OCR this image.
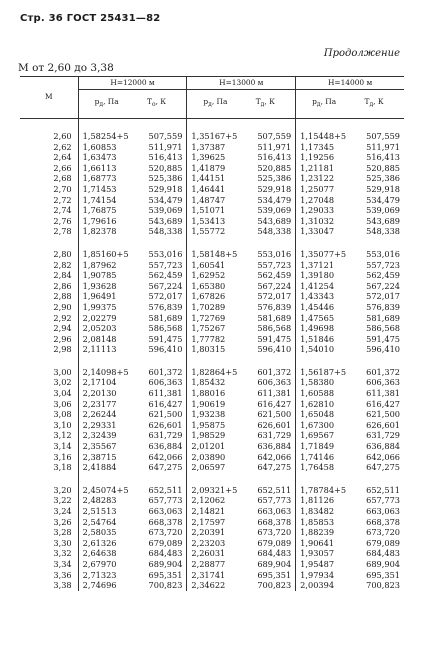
Стр. 36 ГОСТ 25431—82
Продолжение
М от 2,60 до 3,38
М	H=12000 м		H=13000 м		H=14000 м	
	$p_д$, Па	$T_о$, К	$p_д$, Па	$T_д$, К	$p_д$, Па	$T_д$, К

2,60	1,58254+5	507,559	1,35167+5	507,559	1,15448+5	507,559
2,62	1,60853	511,971	1,37387	511,971	1,17345	511,971
2,64	1,63473	516,413	1,39625	516,413	1,19256	516,413
2,66	1,66113	520,885	1,41879	520,885	1,21181	520,885
2,68	1,68773	525,386	1,44151	525,386	1,23122	525,386
2,70	1,71453	529,918	1,46441	529,918	1,25077	529,918
2,72	1,74154	534,479	1,48747	534,479	1,27048	534,479
2,74	1,76875	539,069	1,51071	539,069	1,29033	539,069
2,76	1,79616	543,689	1,53413	543,689	1,31032	543,689
2,78	1,82378	548,338	1,55772	548,338	1,33047	548,338

2,80	1,85160+5	553,016	1,58148+5	553,016	1,35077+5	553,016
2,82	1,87962	557,723	1,60541	557,723	1,37121	557,723
2,84	1,90785	562,459	1,62952	562,459	1,39180	562,459
2,86	1,93628	567,224	1,65380	567,224	1,41254	567,224
2,88	1,96491	572,017	1,67826	572,017	1,43343	572,017
2,90	1,99375	576,839	1,70289	576,839	1,45446	576,839
2,92	2,02279	581,689	1,72769	581,689	1,47565	581,689
2,94	2,05203	586,568	1,75267	586,568	1,49698	586,568
2,96	2,08148	591,475	1,77782	591,475	1,51846	591,475
2,98	2,11113	596,410	1,80315	596,410	1,54010	596,410

3,00	2,14098+5	601,372	1,82864+5	601,372	1,56187+5	601,372
3,02	2,17104	606,363	1,85432	606,363	1,58380	606,363
3,04	2,20130	611,381	1,88016	611,381	1,60588	611,381
3,06	2,23177	616,427	1,90619	616,427	1,62810	616,427
3,08	2,26244	621,500	1,93238	621,500	1,65048	621,500
3,10	2,29331	626,601	1,95875	626,601	1,67300	626,601
3,12	2,32439	631,729	1,98529	631,729	1,69567	631,729
3,14	2,35567	636,884	2,01201	636,884	1,71849	636,884
3,16	2,38715	642,066	2,03890	642,066	1,74146	642,066
3,18	2,41884	647,275	2,06597	647,275	1,76458	647,275

3,20	2,45074+5	652,511	2,09321+5	652,511	1,78784+5	652,511
3,22	2,48283	657,773	2,12062	657,773	1,81126	657,773
3,24	2,51513	663,063	2,14821	663,063	1,83482	663,063
3,26	2,54764	668,378	2,17597	668,378	1,85853	668,378
3,28	2,58035	673,720	2,20391	673,720	1,88239	673,720
3,30	2,61326	679,089	2,23203	679,089	1,90641	679,089
3,32	2,64638	684,483	2,26031	684,483	1,93057	684,483
3,34	2,67970	689,904	2,28877	689,904	1,95487	689,904
3,36	2,71323	695,351	2,31741	695,351	1,97934	695,351
3,38	2,74696	700,823	2,34622	700,823	2,00394	700,823
